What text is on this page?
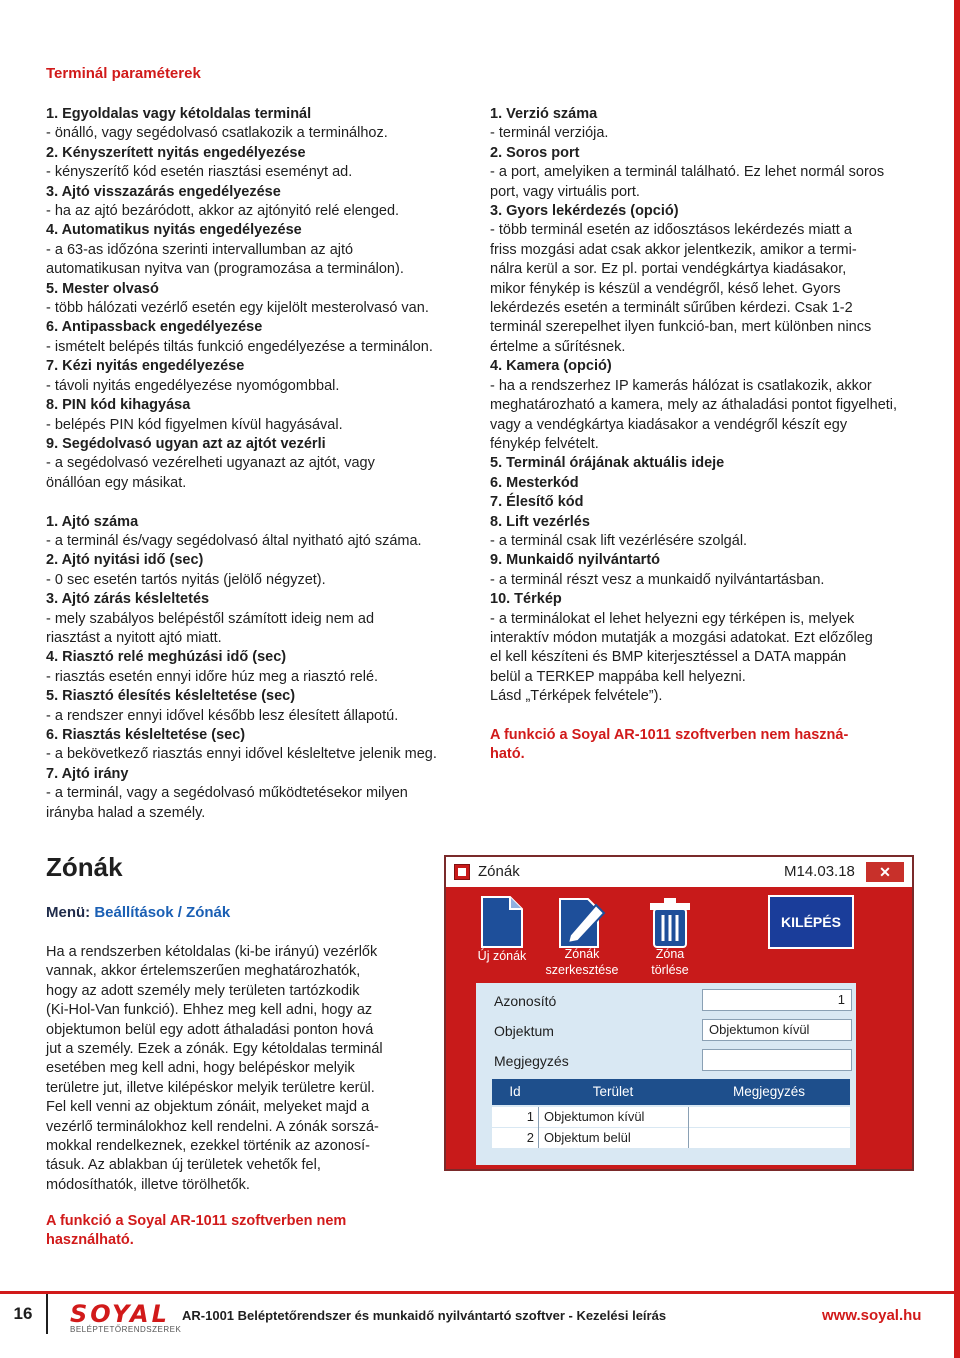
Terminál paraméterek
1. Egyoldalas vagy kétoldalas terminál
- önálló, vagy segédolvasó csatlakozik a terminálhoz.
2. Kényszerített nyitás engedélyezése
- kényszerítő kód esetén riasztási eseményt ad.
3. Ajtó visszazárás engedélyezése
- ha az ajtó bezáródott, akkor az ajtónyitó relé elenged.
4. Automatikus nyitás engedélyezése
- a 63-as időzóna szerinti intervallumban az ajtó
automatikusan nyitva van (programozása a terminálon).
5. Mester olvasó
- több hálózati vezérlő esetén egy kijelölt mesterolvasó van.
6. Antipassback engedélyezése
- ismételt belépés tiltás funkció engedélyezése a terminálon.
7. Kézi nyitás engedélyezése
- távoli nyitás engedélyezése nyomógombbal.
8. PIN kód kihagyása
- belépés PIN kód figyelmen kívül hagyásával.
9. Segédolvasó ugyan azt az ajtót vezérli
- a segédolvasó vezérelheti ugyanazt az ajtót, vagy
önállóan egy másikat.
1. Ajtó száma
- a terminál és/vagy segédolvasó által nyitható ajtó száma.
2. Ajtó nyitási idő (sec)
- 0 sec esetén tartós nyitás (jelölő négyzet).
3. Ajtó zárás késleltetés
- mely szabályos belépéstől számított ideig nem ad
riasztást a nyitott ajtó miatt.
4. Riasztó relé meghúzási idő (sec)
- riasztás esetén ennyi időre húz meg a riasztó relé.
5. Riasztó élesítés késleltetése (sec)
- a rendszer ennyi idővel később lesz élesített állapotú.
6. Riasztás késleltetése (sec)
- a bekövetkező riasztás ennyi idővel késleltetve jelenik meg.
7. Ajtó irány
- a terminál, vagy a segédolvasó működtetésekor milyen
irányba halad a személy.
1. Verzió száma
- terminál verziója.
2. Soros port
- a port, amelyiken a terminál található. Ez lehet normál soros
port, vagy virtuális port.
3. Gyors lekérdezés (opció)
- több terminál esetén az időosztásos lekérdezés miatt a
friss mozgási adat csak akkor jelentkezik, amikor a termi-
nálra kerül a sor. Ez pl. portai vendégkártya kiadásakor,
mikor fénykép is készül a vendégről, késő lehet. Gyors
lekérdezés esetén a terminált sűrűben kérdezi. Csak 1-2
terminál szerepelhet ilyen funkció-ban, mert különben nincs
értelme a sűrítésnek.
4. Kamera (opció)
- ha a rendszerhez IP kamerás hálózat is csatlakozik, akkor
meghatározható a kamera, mely az áthaladási pontot figyelheti,
vagy a vendégkártya kiadásakor a vendégről készít egy
fénykép felvételt.
5. Terminál órájának aktuális ideje
6. Mesterkód
7. Élesítő kód
8. Lift vezérlés
- a terminál csak lift vezérlésére szolgál.
9. Munkaidő nyilvántartó
- a terminál részt vesz a munkaidő nyilvántartásban.
10. Térkép
- a terminálokat el lehet helyezni egy térképen is, melyek
interaktív módon mutatják a mozgási adatokat. Ezt előzőleg
el kell készíteni és BMP kiterjesztéssel a DATA mappán
belül a TERKEP mappába kell helyezni.
Lásd „Térképek felvétele”).
A funkció a Soyal AR-1011 szoftverben nem haszná-
ható.
Zónák
Menü: Beállítások / Zónák
Ha a rendszerben kétoldalas (ki-be irányú) vezérlők
vannak, akkor értelemszerűen meghatározhatók,
hogy az adott személy mely területen tartózkodik
(Ki-Hol-Van funkció). Ehhez meg kell adni, hogy az
objektumon belül egy adott áthaladási ponton hová
jut a személy. Ezek a zónák. Egy kétoldalas terminál
esetében meg kell adni, hogy belépéskor melyik
területre jut, illetve kilépéskor melyik területre kerül.
Fel kell venni az objektum zónáit, melyeket majd a
vezérlő terminálokhoz kell rendelni. A zónák sorszá-
mokkal rendelkeznek, ezekkel történik az azonosí-
tásuk. Az ablakban új területek vehetők fel,
módosíthatók, illetve törölhetők.
A funkció a Soyal AR-1011 szoftverben nem
használható.
Zónák	M14.03.18	✕
Új zónák	Zónák
szerkesztése
Zóna
törlése
KILÉPÉS
Azonosító	1
Objektum	Objektumon kívül
Megjegyzés
Id	Terület	Megjegyzés
1 Objektumon kívül
2 Objektum belül
16	SOYAL
BELÉPTETŐRENDSZEREK
AR-1001 Beléptetőrendszer és munkaidő nyilvántartó szoftver - Kezelési leírás	www.soyal.hu
